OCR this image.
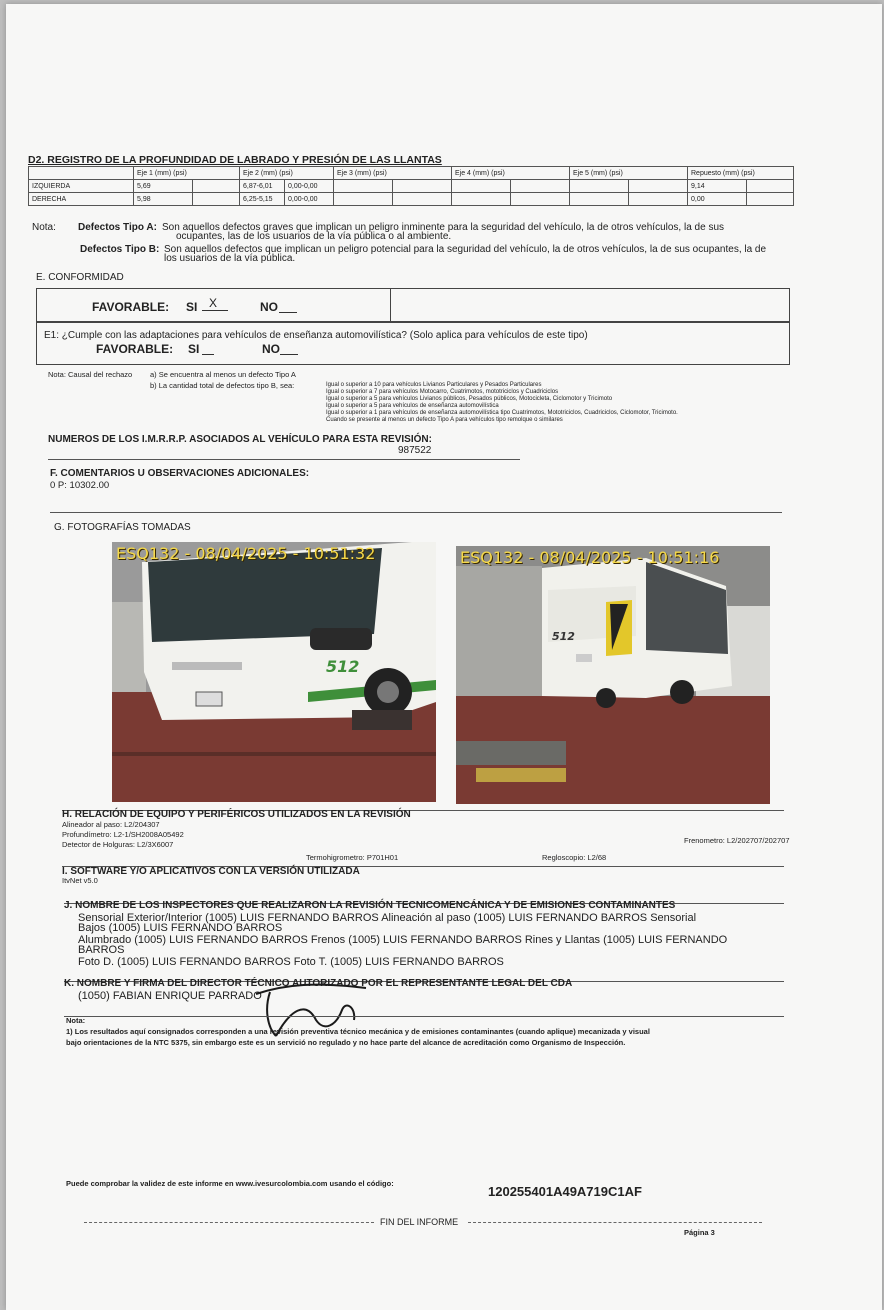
D2. REGISTRO DE LA PROFUNDIDAD DE LABRADO Y PRESIÓN DE LAS LLANTAS
	Eje 1 (mm) (psi)		Eje 2 (mm) (psi)		Eje 3 (mm) (psi)		Eje 4 (mm) (psi)		Eje 5 (mm) (psi)		Repuesto (mm) (psi)	
IZQUIERDA	5,69		6,87-6,01	0,00-0,00							9,14	
DERECHA	5,98		6,25-5,15	0,00-0,00							0,00	
Nota: Defectos Tipo A: Son aquellos defectos graves que implican un peligro inminente para la seguridad del vehículo, la de otros vehículos, la de sus
ocupantes, las de los usuarios de la vía pública o al ambiente.
Defectos Tipo B: Son aquellos defectos que implican un peligro potencial para la seguridad del vehículo, la de otros vehículos, la de sus ocupantes, la de
los usuarios de la vía pública.
E. CONFORMIDAD
FAVORABLE: SI X	NO
E1: ¿Cumple con las adaptaciones para vehículos de enseñanza automovilística? (Solo aplica para vehículos de este tipo)
FAVORABLE: SI	NO
Nota: Causal del rechazo a) Se encuentra al menos un defecto Tipo A
b) La cantidad total de defectos tipo B, sea:	Igual o superior a 10 para vehículos Livianos Particulares y Pesados Particulares
Igual o superior a 7 para vehículos Motocarro, Cuatrimotos, mototriciclos y Cuadriciclos
Igual o superior a 5 para vehículos Livianos públicos, Pesados públicos, Motocicleta, Ciclomotor y Tricimoto
Igual o superior a 5 para vehículos de enseñanza automovilística
Igual o superior a 1 para vehículos de enseñanza automovilística tipo Cuatrimotos, Mototriciclos, Cuadriciclos, Ciclomotor, Tricimoto.
Cuando se presente al menos un defecto Tipo A para vehículos tipo remolque o similares
NUMEROS DE LOS I.M.R.R.P. ASOCIADOS AL VEHÍCULO PARA ESTA REVISIÓN:
987522
F. COMENTARIOS U OBSERVACIONES ADICIONALES:
0 P: 10302.00
G. FOTOGRAFÍAS TOMADAS
512
ESQ132 - 08/04/2025 - 10:51:32
512
ESQ132 - 08/04/2025 - 10:51:16
H. RELACIÓN DE EQUIPO Y PERIFÉRICOS UTILIZADOS EN LA REVISIÓN
Alineador al paso: L2/204307
Profundímetro: L2-1/SH2008A05492
Detector de Holguras: L2/3X6007	Frenometro: L2/202707/202707
Termohigrometro: P701H01	Regloscopio: L2/68
I. SOFTWARE Y/O APLICATIVOS CON LA VERSIÓN UTILIZADA
ItvNet v5.0
J. NOMBRE DE LOS INSPECTORES QUE REALIZARON LA REVISIÓN TECNICOMENCÁNICA Y DE EMISIONES CONTAMINANTES
Sensorial Exterior/Interior (1005) LUIS FERNANDO BARROS Alineación al paso (1005) LUIS FERNANDO BARROS Sensorial
Bajos (1005) LUIS FERNANDO BARROS
Alumbrado (1005) LUIS FERNANDO BARROS Frenos (1005) LUIS FERNANDO BARROS Rines y Llantas (1005) LUIS FERNANDO
BARROS
Foto D. (1005) LUIS FERNANDO BARROS Foto T. (1005) LUIS FERNANDO BARROS
K. NOMBRE Y FIRMA DEL DIRECTOR TÉCNICO AUTORIZADO POR EL REPRESENTANTE LEGAL DEL CDA
(1050) FABIAN ENRIQUE PARRADO
Nota:
1) Los resultados aquí consignados corresponden a una revisión preventiva técnico mecánica y de emisiones contaminantes (cuando aplique) mecanizada y visual
bajo orientaciones de la NTC 5375, sin embargo este es un servició no regulado y no hace parte del alcance de acreditación como Organismo de Inspección.
Puede comprobar la validez de este informe en www.ivesurcolombia.com usando el código:
120255401A49A719C1AF
FIN DEL INFORME
Página 3
